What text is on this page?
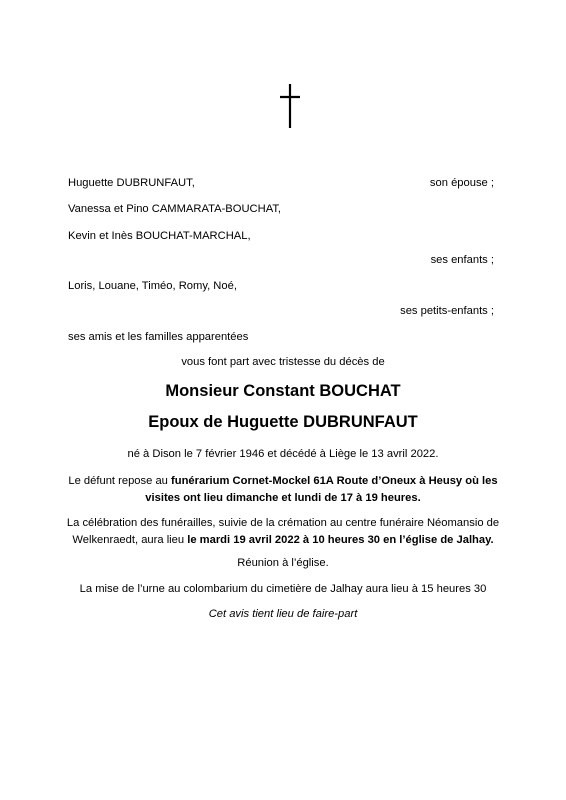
Huguette DUBRUNFAUT,	son épouse ;
Vanessa et Pino CAMMARATA-BOUCHAT,
Kevin et Inès BOUCHAT-MARCHAL,
ses enfants ;
Loris, Louane, Timéo, Romy, Noé,
ses petits-enfants ;
ses amis et les familles apparentées
vous font part avec tristesse du décès de
Monsieur Constant BOUCHAT
Epoux de Huguette DUBRUNFAUT
né à Dison le 7 février 1946 et décédé à Liège le 13 avril 2022.
Le défunt repose au funérarium Cornet-Mockel 61A Route d’Oneux à Heusy où les visites ont lieu dimanche et lundi de 17 à 19 heures.
La célébration des funérailles, suivie de la crémation au centre funéraire Néomansio de Welkenraedt, aura lieu le mardi 19 avril 2022 à 10 heures 30 en l’église de Jalhay.
Réunion à l’église.
La mise de l’urne au colombarium du cimetière de Jalhay aura lieu à 15 heures 30
Cet avis tient lieu de faire-part
